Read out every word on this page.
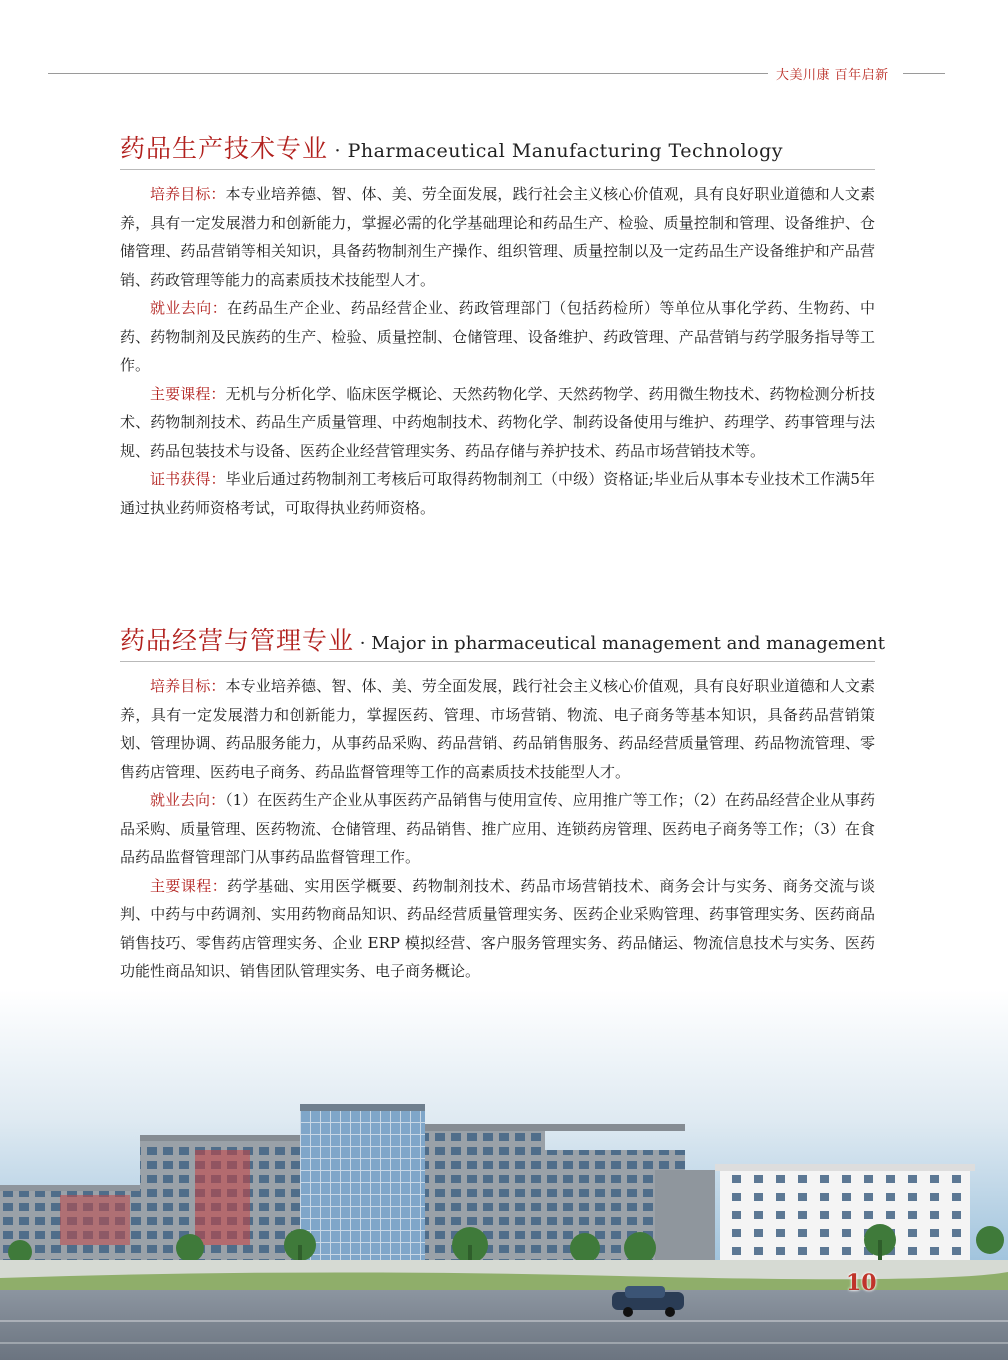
大美川康 百年启新
药品生产技术专业 · Pharmaceutical Manufacturing Technology

培养目标：本专业培养德、智、体、美、劳全面发展，践行社会主义核心价值观，具有良好职业道德和人文素养，具有一定发展潜力和创新能力，掌握必需的化学基础理论和药品生产、检验、质量控制和管理、设备维护、仓储管理、药品营销等相关知识，具备药物制剂生产操作、组织管理、质量控制以及一定药品生产设备维护和产品营销、药政管理等能力的高素质技术技能型人才。

就业去向：在药品生产企业、药品经营企业、药政管理部门（包括药检所）等单位从事化学药、生物药、中药、药物制剂及民族药的生产、检验、质量控制、仓储管理、设备维护、药政管理、产品营销与药学服务指导等工作。

主要课程：无机与分析化学、临床医学概论、天然药物化学、天然药物学、药用微生物技术、药物检测分析技术、药物制剂技术、药品生产质量管理、中药炮制技术、药物化学、制药设备使用与维护、药理学、药事管理与法规、药品包装技术与设备、医药企业经营管理实务、药品存储与养护技术、药品市场营销技术等。

证书获得：毕业后通过药物制剂工考核后可取得药物制剂工（中级）资格证;毕业后从事本专业技术工作满5年通过执业药师资格考试，可取得执业药师资格。

药品经营与管理专业 · Major in pharmaceutical management and management

培养目标：本专业培养德、智、体、美、劳全面发展，践行社会主义核心价值观，具有良好职业道德和人文素养，具有一定发展潜力和创新能力，掌握医药、管理、市场营销、物流、电子商务等基本知识，具备药品营销策划、管理协调、药品服务能力，从事药品采购、药品营销、药品销售服务、药品经营质量管理、药品物流管理、零售药店管理、医药电子商务、药品监督管理等工作的高素质技术技能型人才。

就业去向：（1）在医药生产企业从事医药产品销售与使用宣传、应用推广等工作；（2）在药品经营企业从事药品采购、质量管理、医药物流、仓储管理、药品销售、推广应用、连锁药房管理、医药电子商务等工作；（3）在食品药品监督管理部门从事药品监督管理工作。

主要课程：药学基础、实用医学概要、药物制剂技术、药品市场营销技术、商务会计与实务、商务交流与谈判、中药与中药调剂、实用药物商品知识、药品经营质量管理实务、医药企业采购管理、药事管理实务、医药商品销售技巧、零售药店管理实务、企业 ERP 模拟经营、客户服务管理实务、药品储运、物流信息技术与实务、医药功能性商品知识、销售团队管理实务、电子商务概论。

10
